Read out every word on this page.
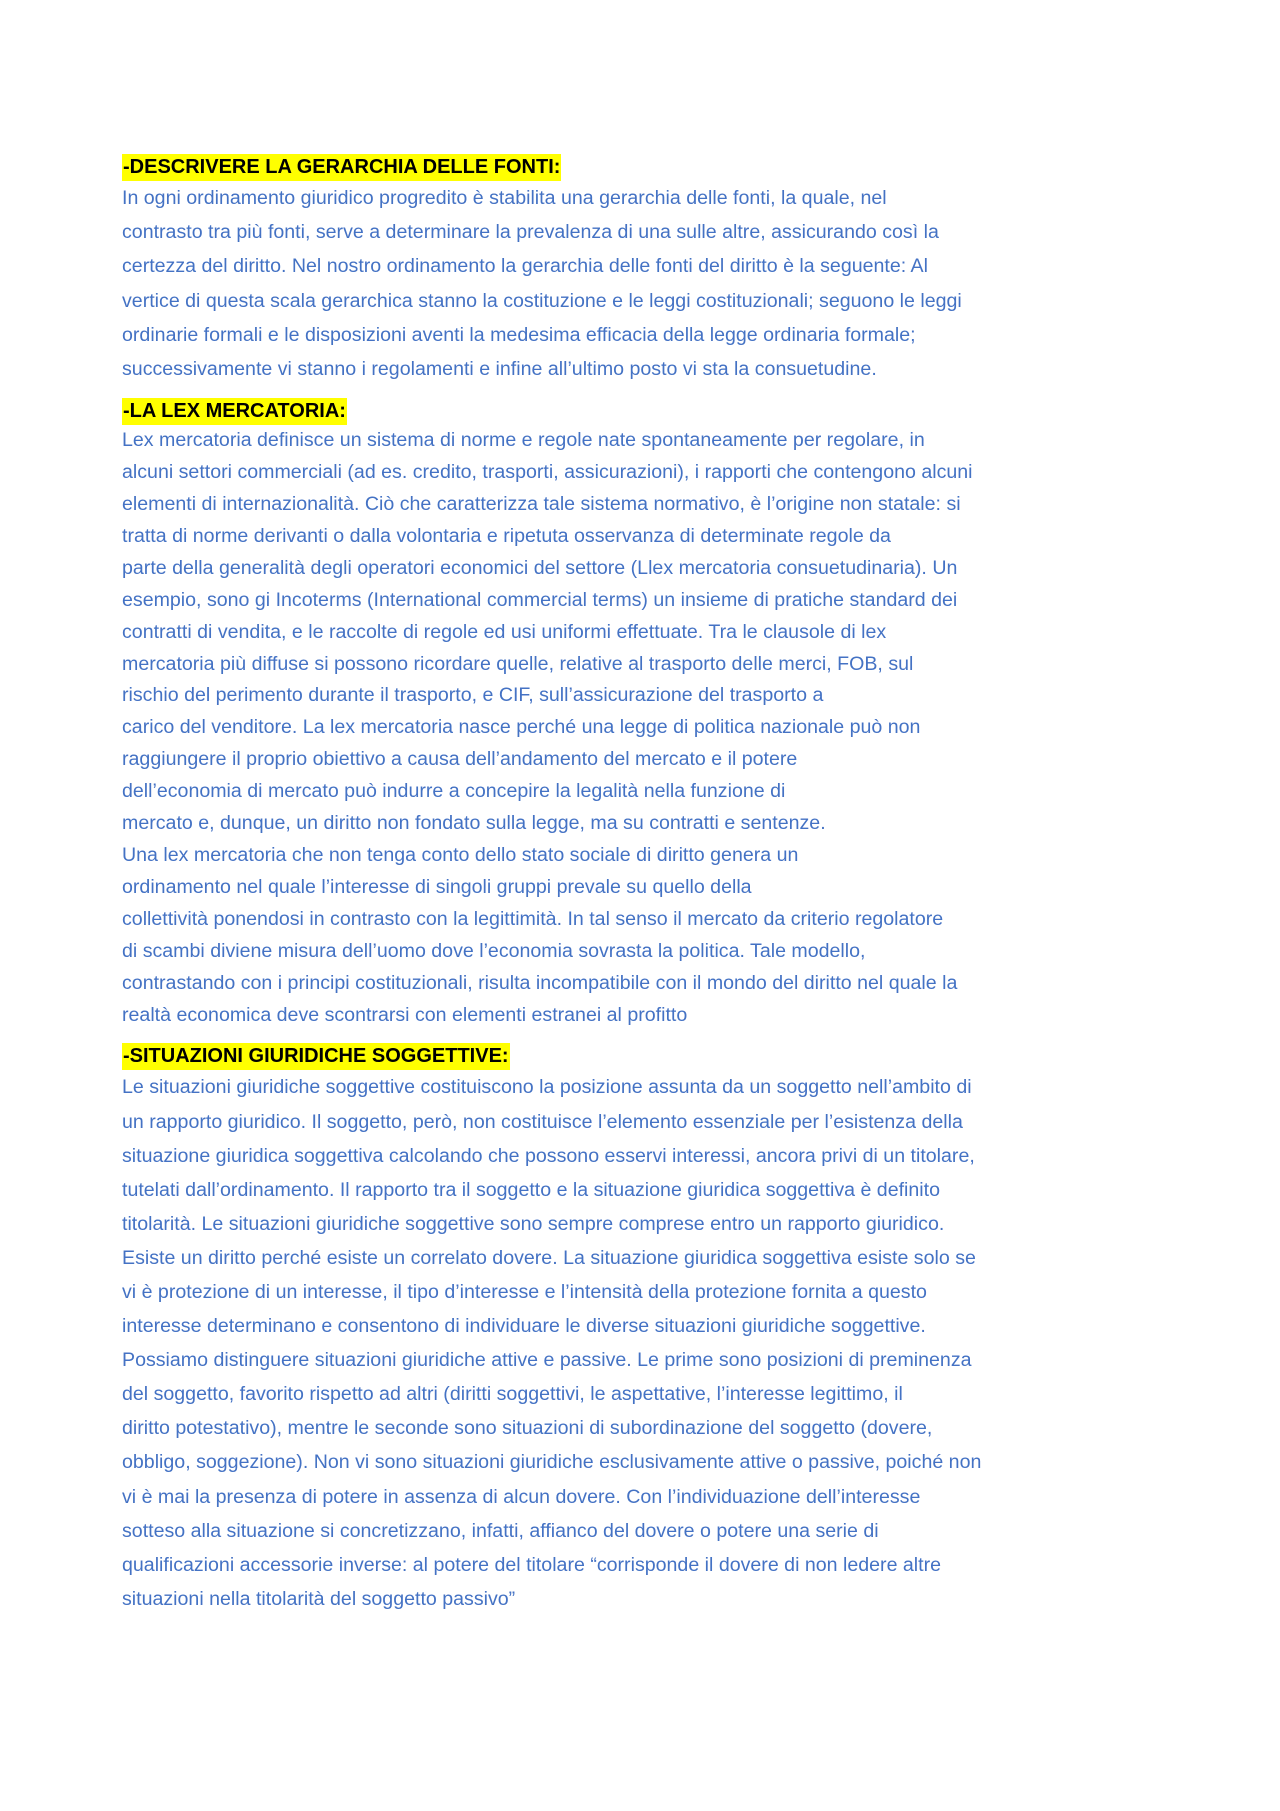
-DESCRIVERE LA GERARCHIA DELLE FONTI:
In ogni ordinamento giuridico progredito è stabilita una gerarchia delle fonti, la quale, nel
contrasto tra più fonti, serve a determinare la prevalenza di una sulle altre, assicurando così la
certezza del diritto. Nel nostro ordinamento la gerarchia delle fonti del diritto è la seguente: Al
vertice di questa scala gerarchica stanno la costituzione e le leggi costituzionali; seguono le leggi
ordinarie formali e le disposizioni aventi la medesima efficacia della legge ordinaria formale;
successivamente vi stanno i regolamenti e infine all’ultimo posto vi sta la consuetudine.
-LA LEX MERCATORIA:
Lex mercatoria definisce un sistema di norme e regole nate spontaneamente per regolare, in
alcuni settori commerciali (ad es. credito, trasporti, assicurazioni), i rapporti che contengono alcuni
elementi di internazionalità. Ciò che caratterizza tale sistema normativo, è l’origine non statale: si
tratta di norme derivanti o dalla volontaria e ripetuta osservanza di determinate regole da
parte della generalità degli operatori economici del settore (Llex mercatoria consuetudinaria). Un
esempio, sono gi Incoterms (International commercial terms) un insieme di pratiche standard dei
contratti di vendita, e le raccolte di regole ed usi uniformi effettuate. Tra le clausole di lex
mercatoria più diffuse si possono ricordare quelle, relative al trasporto delle merci, FOB, sul
rischio del perimento durante il trasporto, e CIF, sull’assicurazione del trasporto a
carico del venditore. La lex mercatoria nasce perché una legge di politica nazionale può non
raggiungere il proprio obiettivo a causa dell’andamento del mercato e il potere
dell’economia di mercato può indurre a concepire la legalità nella funzione di
mercato e, dunque, un diritto non fondato sulla legge, ma su contratti e sentenze.
Una lex mercatoria che non tenga conto dello stato sociale di diritto genera un
ordinamento nel quale l’interesse di singoli gruppi prevale su quello della
collettività ponendosi in contrasto con la legittimità. In tal senso il mercato da criterio regolatore
di scambi diviene misura dell’uomo dove l’economia sovrasta la politica. Tale modello,
contrastando con i principi costituzionali, risulta incompatibile con il mondo del diritto nel quale la
realtà economica deve scontrarsi con elementi estranei al profitto
-SITUAZIONI GIURIDICHE SOGGETTIVE:
Le situazioni giuridiche soggettive costituiscono la posizione assunta da un soggetto nell’ambito di
un rapporto giuridico. Il soggetto, però, non costituisce l’elemento essenziale per l’esistenza della
situazione giuridica soggettiva calcolando che possono esservi interessi, ancora privi di un titolare,
tutelati dall’ordinamento. Il rapporto tra il soggetto e la situazione giuridica soggettiva è definito
titolarità. Le situazioni giuridiche soggettive sono sempre comprese entro un rapporto giuridico.
Esiste un diritto perché esiste un correlato dovere. La situazione giuridica soggettiva esiste solo se
vi è protezione di un interesse, il tipo d’interesse e l’intensità della protezione fornita a questo
interesse determinano e consentono di individuare le diverse situazioni giuridiche soggettive.
Possiamo distinguere situazioni giuridiche attive e passive. Le prime sono posizioni di preminenza
del soggetto, favorito rispetto ad altri (diritti soggettivi, le aspettative, l’interesse legittimo, il
diritto potestativo), mentre le seconde sono situazioni di subordinazione del soggetto (dovere,
obbligo, soggezione). Non vi sono situazioni giuridiche esclusivamente attive o passive, poiché non
vi è mai la presenza di potere in assenza di alcun dovere. Con l’individuazione dell’interesse
sotteso alla situazione si concretizzano, infatti, affianco del dovere o potere una serie di
qualificazioni accessorie inverse: al potere del titolare “corrisponde il dovere di non ledere altre
situazioni nella titolarità del soggetto passivo”
